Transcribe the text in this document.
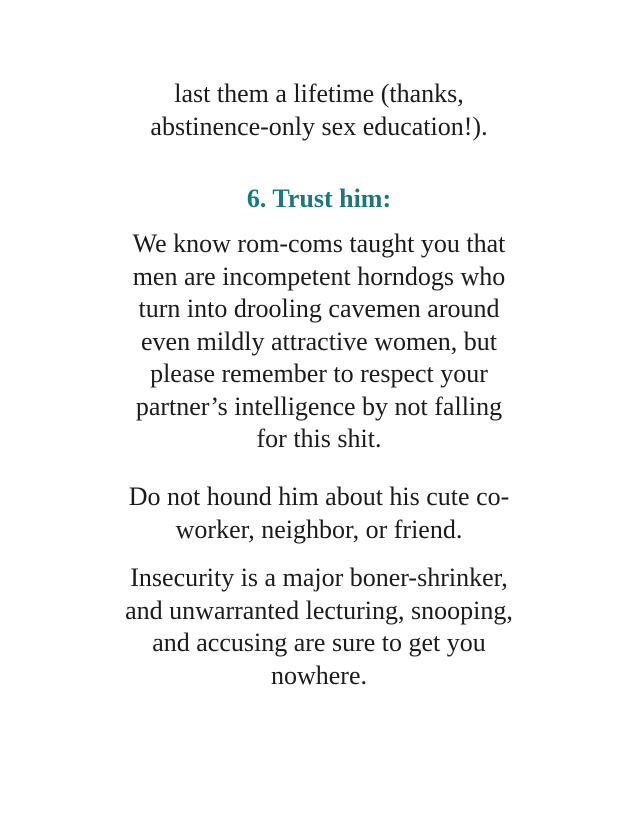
last them a lifetime (thanks,
abstinence-only sex education!).
6. Trust him:
We know rom-coms taught you that
men are incompetent horndogs who
turn into drooling cavemen around
even mildly attractive women, but
please remember to respect your
partner’s intelligence by not falling
for this shit.
Do not hound him about his cute co-
worker, neighbor, or friend.
Insecurity is a major boner-shrinker,
and unwarranted lecturing, snooping,
and accusing are sure to get you
nowhere.
